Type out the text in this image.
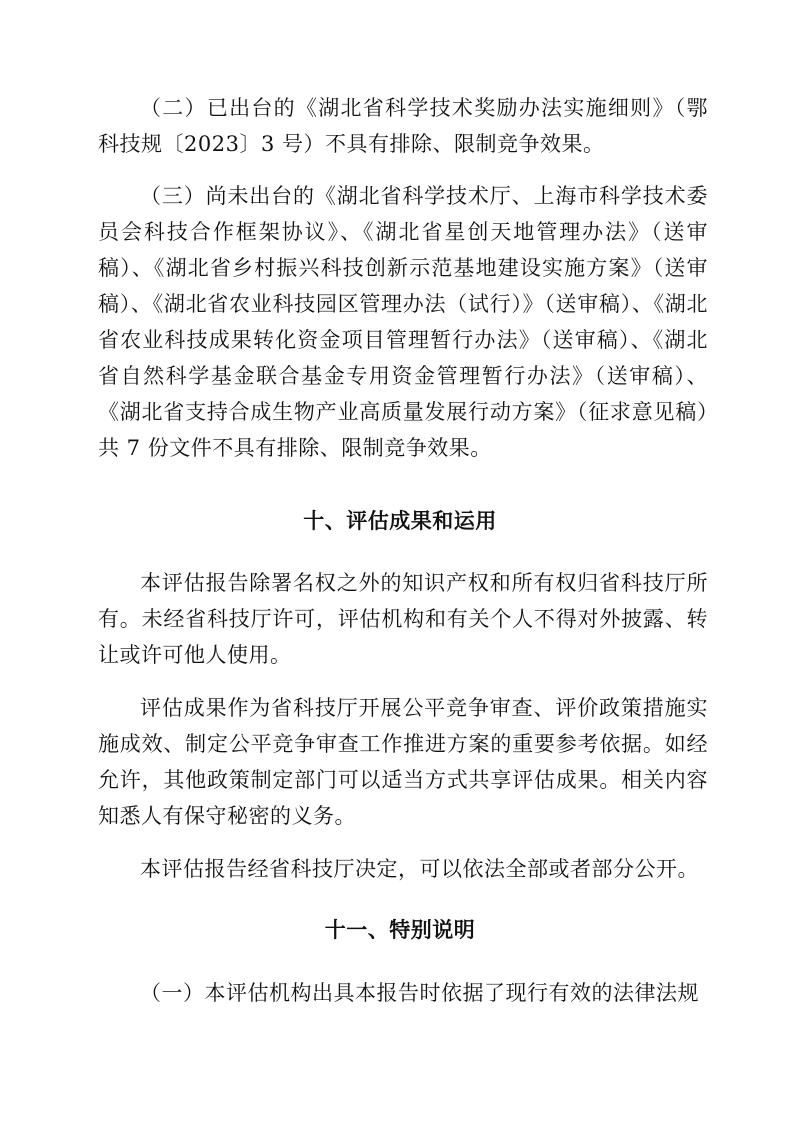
（二）已出台的《湖北省科学技术奖励办法实施细则》（鄂科技规〔2023〕3 号）不具有排除、限制竞争效果。

（三）尚未出台的《湖北省科学技术厅、上海市科学技术委员会科技合作框架协议》、《湖北省星创天地管理办法》（送审稿）、《湖北省乡村振兴科技创新示范基地建设实施方案》（送审稿）、《湖北省农业科技园区管理办法（试行）》（送审稿）、《湖北省农业科技成果转化资金项目管理暂行办法》（送审稿）、《湖北省自然科学基金联合基金专用资金管理暂行办法》（送审稿）、《湖北省支持合成生物产业高质量发展行动方案》（征求意见稿）共 7 份文件不具有排除、限制竞争效果。

十、评估成果和运用

本评估报告除署名权之外的知识产权和所有权归省科技厅所有。未经省科技厅许可，评估机构和有关个人不得对外披露、转让或许可他人使用。

评估成果作为省科技厅开展公平竞争审查、评价政策措施实施成效、制定公平竞争审查工作推进方案的重要参考依据。如经允许，其他政策制定部门可以适当方式共享评估成果。相关内容知悉人有保守秘密的义务。

本评估报告经省科技厅决定，可以依法全部或者部分公开。

十一、特别说明

（一）本评估机构出具本报告时依据了现行有效的法律法规
